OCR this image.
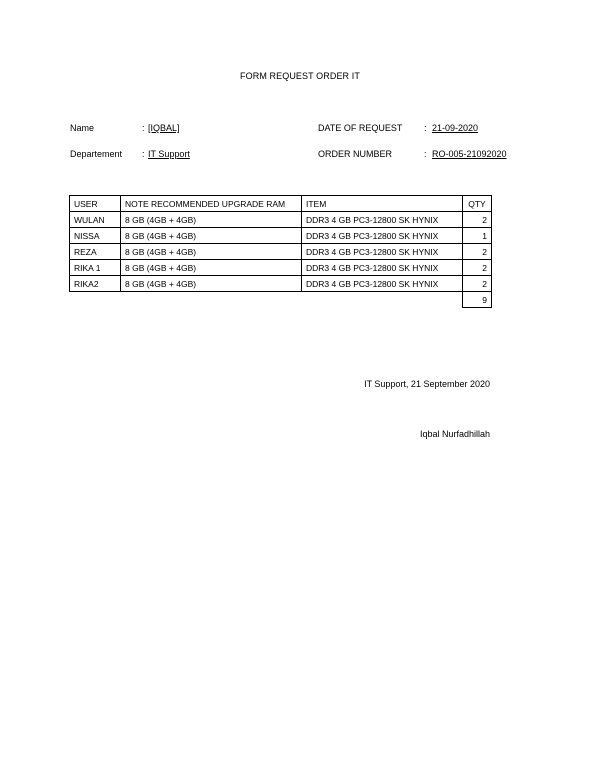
FORM REQUEST ORDER IT
Name	: [IQBAL]
Departement : IT Support
DATE OF REQUEST : 21-09-2020
ORDER NUMBER	: RO-005-21092020
USER	NOTE RECOMMENDED UPGRADE RAM	ITEM	QTY
WULAN	8 GB (4GB + 4GB)	DDR3 4 GB PC3-12800 SK HYNIX	2
NISSA	8 GB (4GB + 4GB)	DDR3 4 GB PC3-12800 SK HYNIX	1
REZA	8 GB (4GB + 4GB)	DDR3 4 GB PC3-12800 SK HYNIX	2
RIKA 1	8 GB (4GB + 4GB)	DDR3 4 GB PC3-12800 SK HYNIX	2
RIKA2	8 GB (4GB + 4GB)	DDR3 4 GB PC3-12800 SK HYNIX	2
			9
IT Support, 21 September 2020
Iqbal Nurfadhillah
